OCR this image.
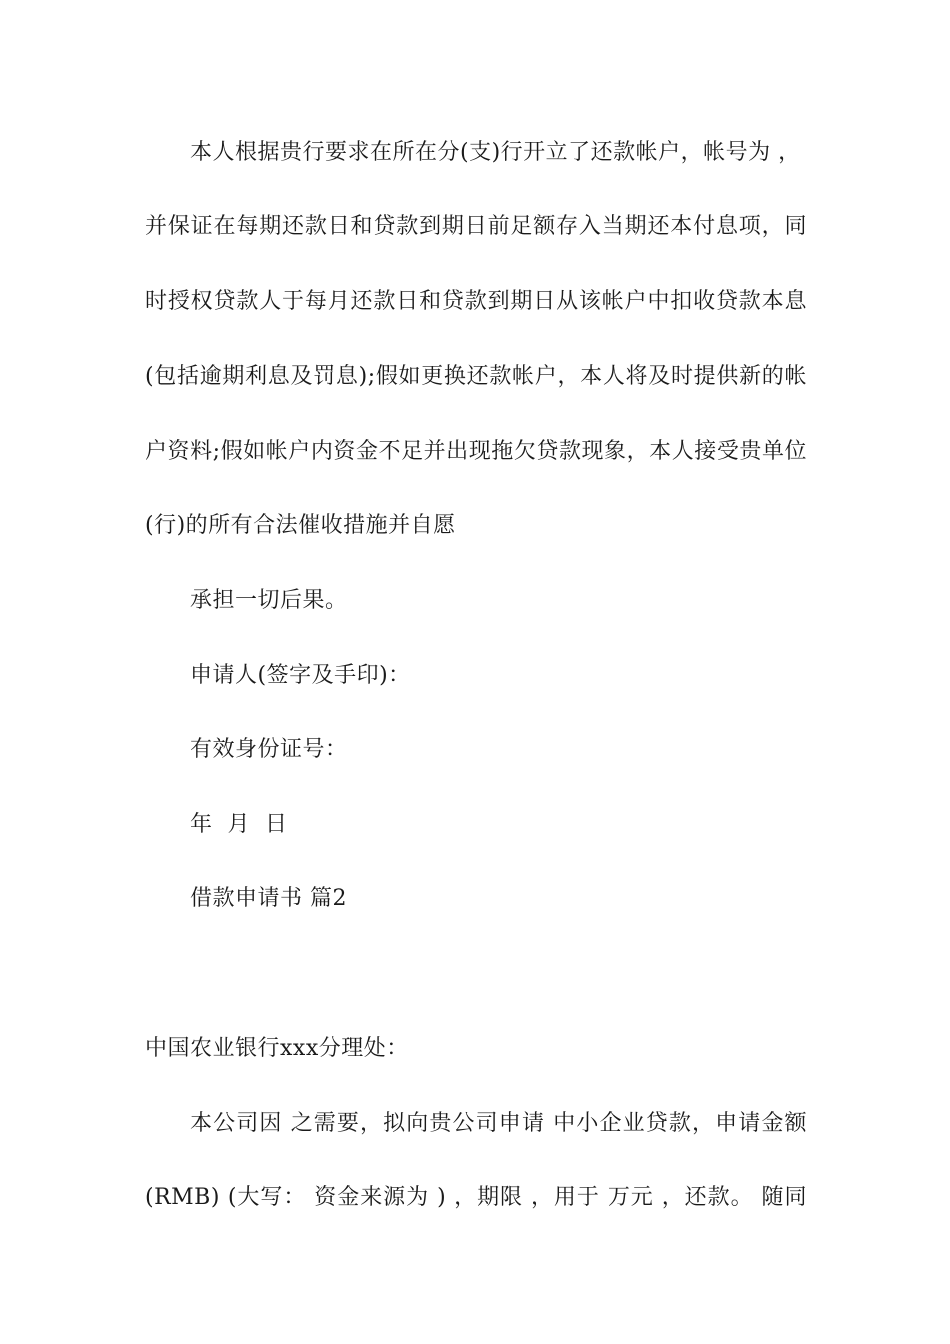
本人根据贵行要求在所在分(支)行开立了还款帐户，帐号为 ，
并保证在每期还款日和贷款到期日前足额存入当期还本付息项，同
时授权贷款人于每月还款日和贷款到期日从该帐户中扣收贷款本息
(包括逾期利息及罚息);假如更换还款帐户，本人将及时提供新的帐
户资料;假如帐户内资金不足并出现拖欠贷款现象，本人接受贵单位
(行)的所有合法催收措施并自愿
承担一切后果。
申请人(签字及手印)：
有效身份证号：
年  月  日
借款申请书 篇2
中国农业银行xxx分理处：
本公司因 之需要，拟向贵公司申请 中小企业贷款，申请金额
(RMB) (大写： 资金来源为 ) ，期限 ，用于 万元 ，还款。 随同
